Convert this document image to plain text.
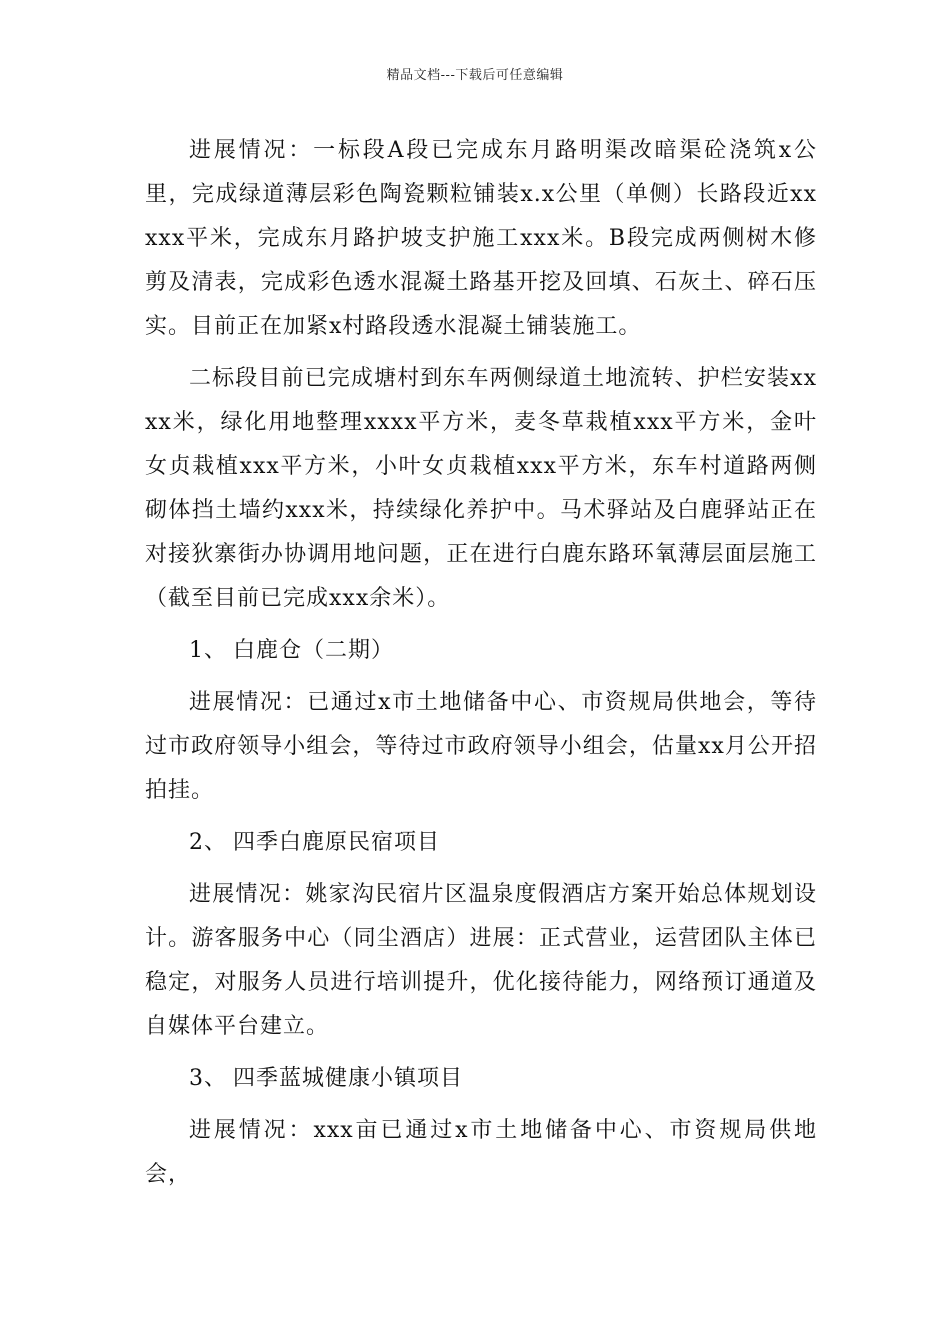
精品文档---下载后可任意编辑

进展情况：一标段A段已完成东月路明渠改暗渠砼浇筑x公里，完成绿道薄层彩色陶瓷颗粒铺装x.x公里（单侧）长路段近xxxxx平米，完成东月路护坡支护施工xxx米。B段完成两侧树木修剪及清表，完成彩色透水混凝土路基开挖及回填、石灰土、碎石压实。目前正在加紧x村路段透水混凝土铺装施工。

二标段目前已完成塘村到东车两侧绿道土地流转、护栏安装xxxx米，绿化用地整理xxxx平方米，麦冬草栽植xxx平方米，金叶女贞栽植xxx平方米，小叶女贞栽植xxx平方米，东车村道路两侧砌体挡土墙约xxx米，持续绿化养护中。马术驿站及白鹿驿站正在对接狄寨街办协调用地问题，正在进行白鹿东路环氧薄层面层施工（截至目前已完成xxx余米）。

1、 白鹿仓（二期）

进展情况：已通过x市土地储备中心、市资规局供地会，等待过市政府领导小组会，等待过市政府领导小组会，估量xx月公开招拍挂。

2、 四季白鹿原民宿项目

进展情况：姚家沟民宿片区温泉度假酒店方案开始总体规划设计。游客服务中心（同尘酒店）进展：正式营业，运营团队主体已稳定，对服务人员进行培训提升，优化接待能力，网络预订通道及自媒体平台建立。

3、 四季蓝城健康小镇项目

进展情况：xxx亩已通过x市土地储备中心、市资规局供地会，
